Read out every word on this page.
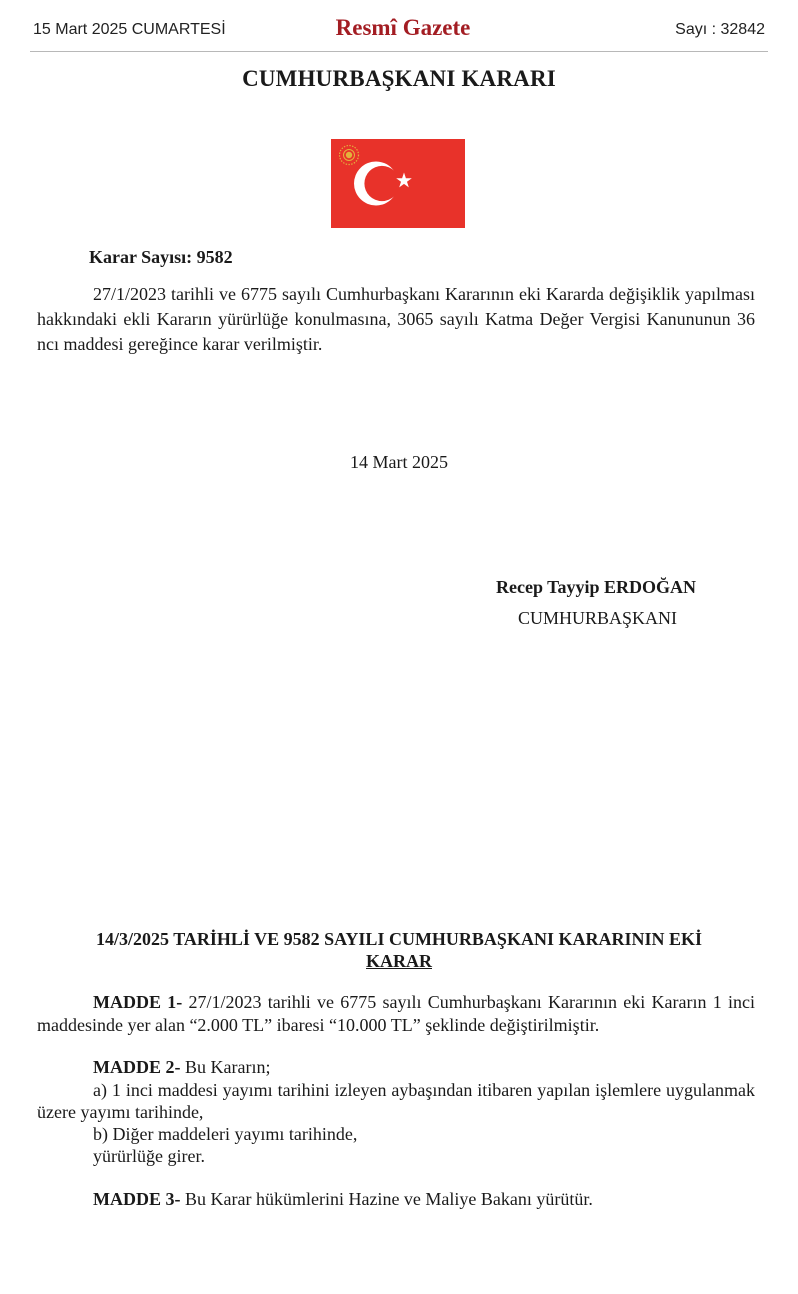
15 Mart 2025 CUMARTESİ	Resmî Gazete	Sayı : 32842
CUMHURBAŞKANI KARARI
Karar Sayısı: 9582
27/1/2023 tarihli ve 6775 sayılı Cumhurbaşkanı Kararının eki Kararda değişiklik yapılması hakkındaki ekli Kararın yürürlüğe konulmasına, 3065 sayılı Katma Değer Vergisi Kanununun 36 ncı maddesi gereğince karar verilmiştir.
14 Mart 2025
Recep Tayyip ERDOĞAN
CUMHURBAŞKANI
14/3/2025 TARİHLİ VE 9582 SAYILI CUMHURBAŞKANI KARARININ EKİ
KARAR
MADDE 1- 27/1/2023 tarihli ve 6775 sayılı Cumhurbaşkanı Kararının eki Kararın 1 inci maddesinde yer alan “2.000 TL” ibaresi “10.000 TL” şeklinde değiştirilmiştir.
MADDE 2- Bu Kararın;
a) 1 inci maddesi yayımı tarihini izleyen aybaşından itibaren yapılan işlemlere uygulanmak üzere yayımı tarihinde,
b) Diğer maddeleri yayımı tarihinde,
yürürlüğe girer.
MADDE 3- Bu Karar hükümlerini Hazine ve Maliye Bakanı yürütür.
